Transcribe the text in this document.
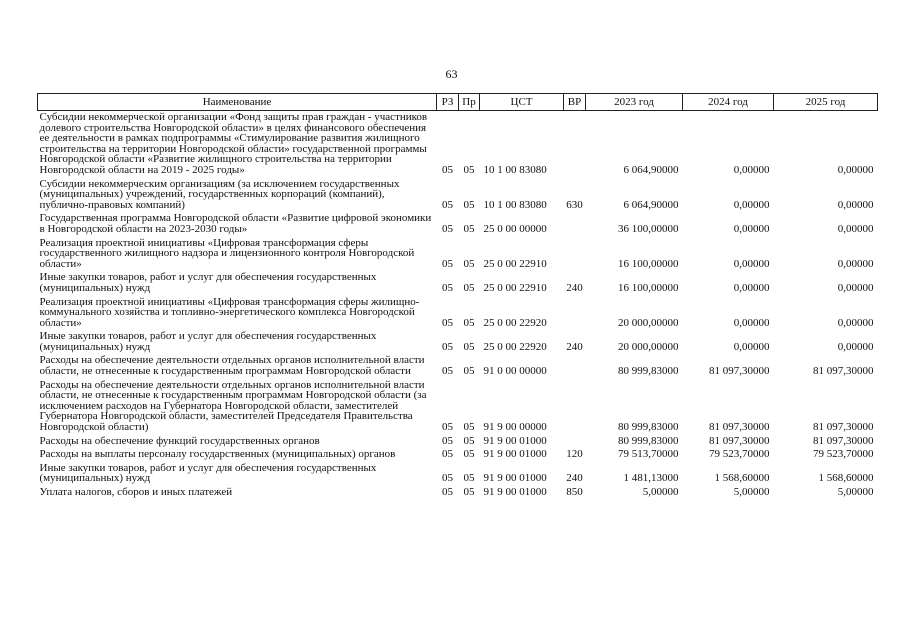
63
Наименование	РЗ	Пр	ЦСТ	ВР	2023 год	2024 год	2025 год
Субсидии некоммерческой организации «Фонд защиты прав граждан - участников долевого строительства Новгородской области» в целях финансового обеспечения ее деятельности в рамках подпрограммы «Стимулирование развития жилищного строительства на территории Новгородской области» государственной программы Новгородской области «Развитие жилищного строительства на территории Новгородской области на 2019 - 2025 годы»	05	05	10 1 00 83080		6 064,90000	0,00000	0,00000
Субсидии некоммерческим организациям (за исключением государственных (муниципальных) учреждений, государственных корпораций (компаний), публично-правовых компаний)	05	05	10 1 00 83080	630	6 064,90000	0,00000	0,00000
Государственная программа Новгородской области «Развитие цифровой экономики в Новгородской области на 2023-2030 годы»	05	05	25 0 00 00000		36 100,00000	0,00000	0,00000
Реализация проектной инициативы «Цифровая трансформация сферы государственного жилищного надзора и лицензионного контроля Новгородской области»	05	05	25 0 00 22910		16 100,00000	0,00000	0,00000
Иные закупки товаров, работ и услуг для обеспечения государственных (муниципальных) нужд	05	05	25 0 00 22910	240	16 100,00000	0,00000	0,00000
Реализация проектной инициативы «Цифровая трансформация сферы жилищно-коммунального хозяйства и топливно-энергетического комплекса Новгородской области»	05	05	25 0 00 22920		20 000,00000	0,00000	0,00000
Иные закупки товаров, работ и услуг для обеспечения государственных (муниципальных) нужд	05	05	25 0 00 22920	240	20 000,00000	0,00000	0,00000
Расходы на обеспечение деятельности отдельных органов исполнительной власти области, не отнесенные к государственным программам Новгородской области	05	05	91 0 00 00000		80 999,83000	81 097,30000	81 097,30000
Расходы на обеспечение деятельности отдельных органов исполнительной власти области, не отнесенные к государственным программам Новгородской области (за исключением расходов на Губернатора Новгородской области, заместителей Губернатора Новгородской области, заместителей Председателя Правительства Новгородской области)	05	05	91 9 00 00000		80 999,83000	81 097,30000	81 097,30000
Расходы на обеспечение функций государственных органов	05	05	91 9 00 01000		80 999,83000	81 097,30000	81 097,30000
Расходы на выплаты персоналу государственных (муниципальных) органов	05	05	91 9 00 01000	120	79 513,70000	79 523,70000	79 523,70000
Иные закупки товаров, работ и услуг для обеспечения государственных (муниципальных) нужд	05	05	91 9 00 01000	240	1 481,13000	1 568,60000	1 568,60000
Уплата налогов, сборов и иных платежей	05	05	91 9 00 01000	850	5,00000	5,00000	5,00000
